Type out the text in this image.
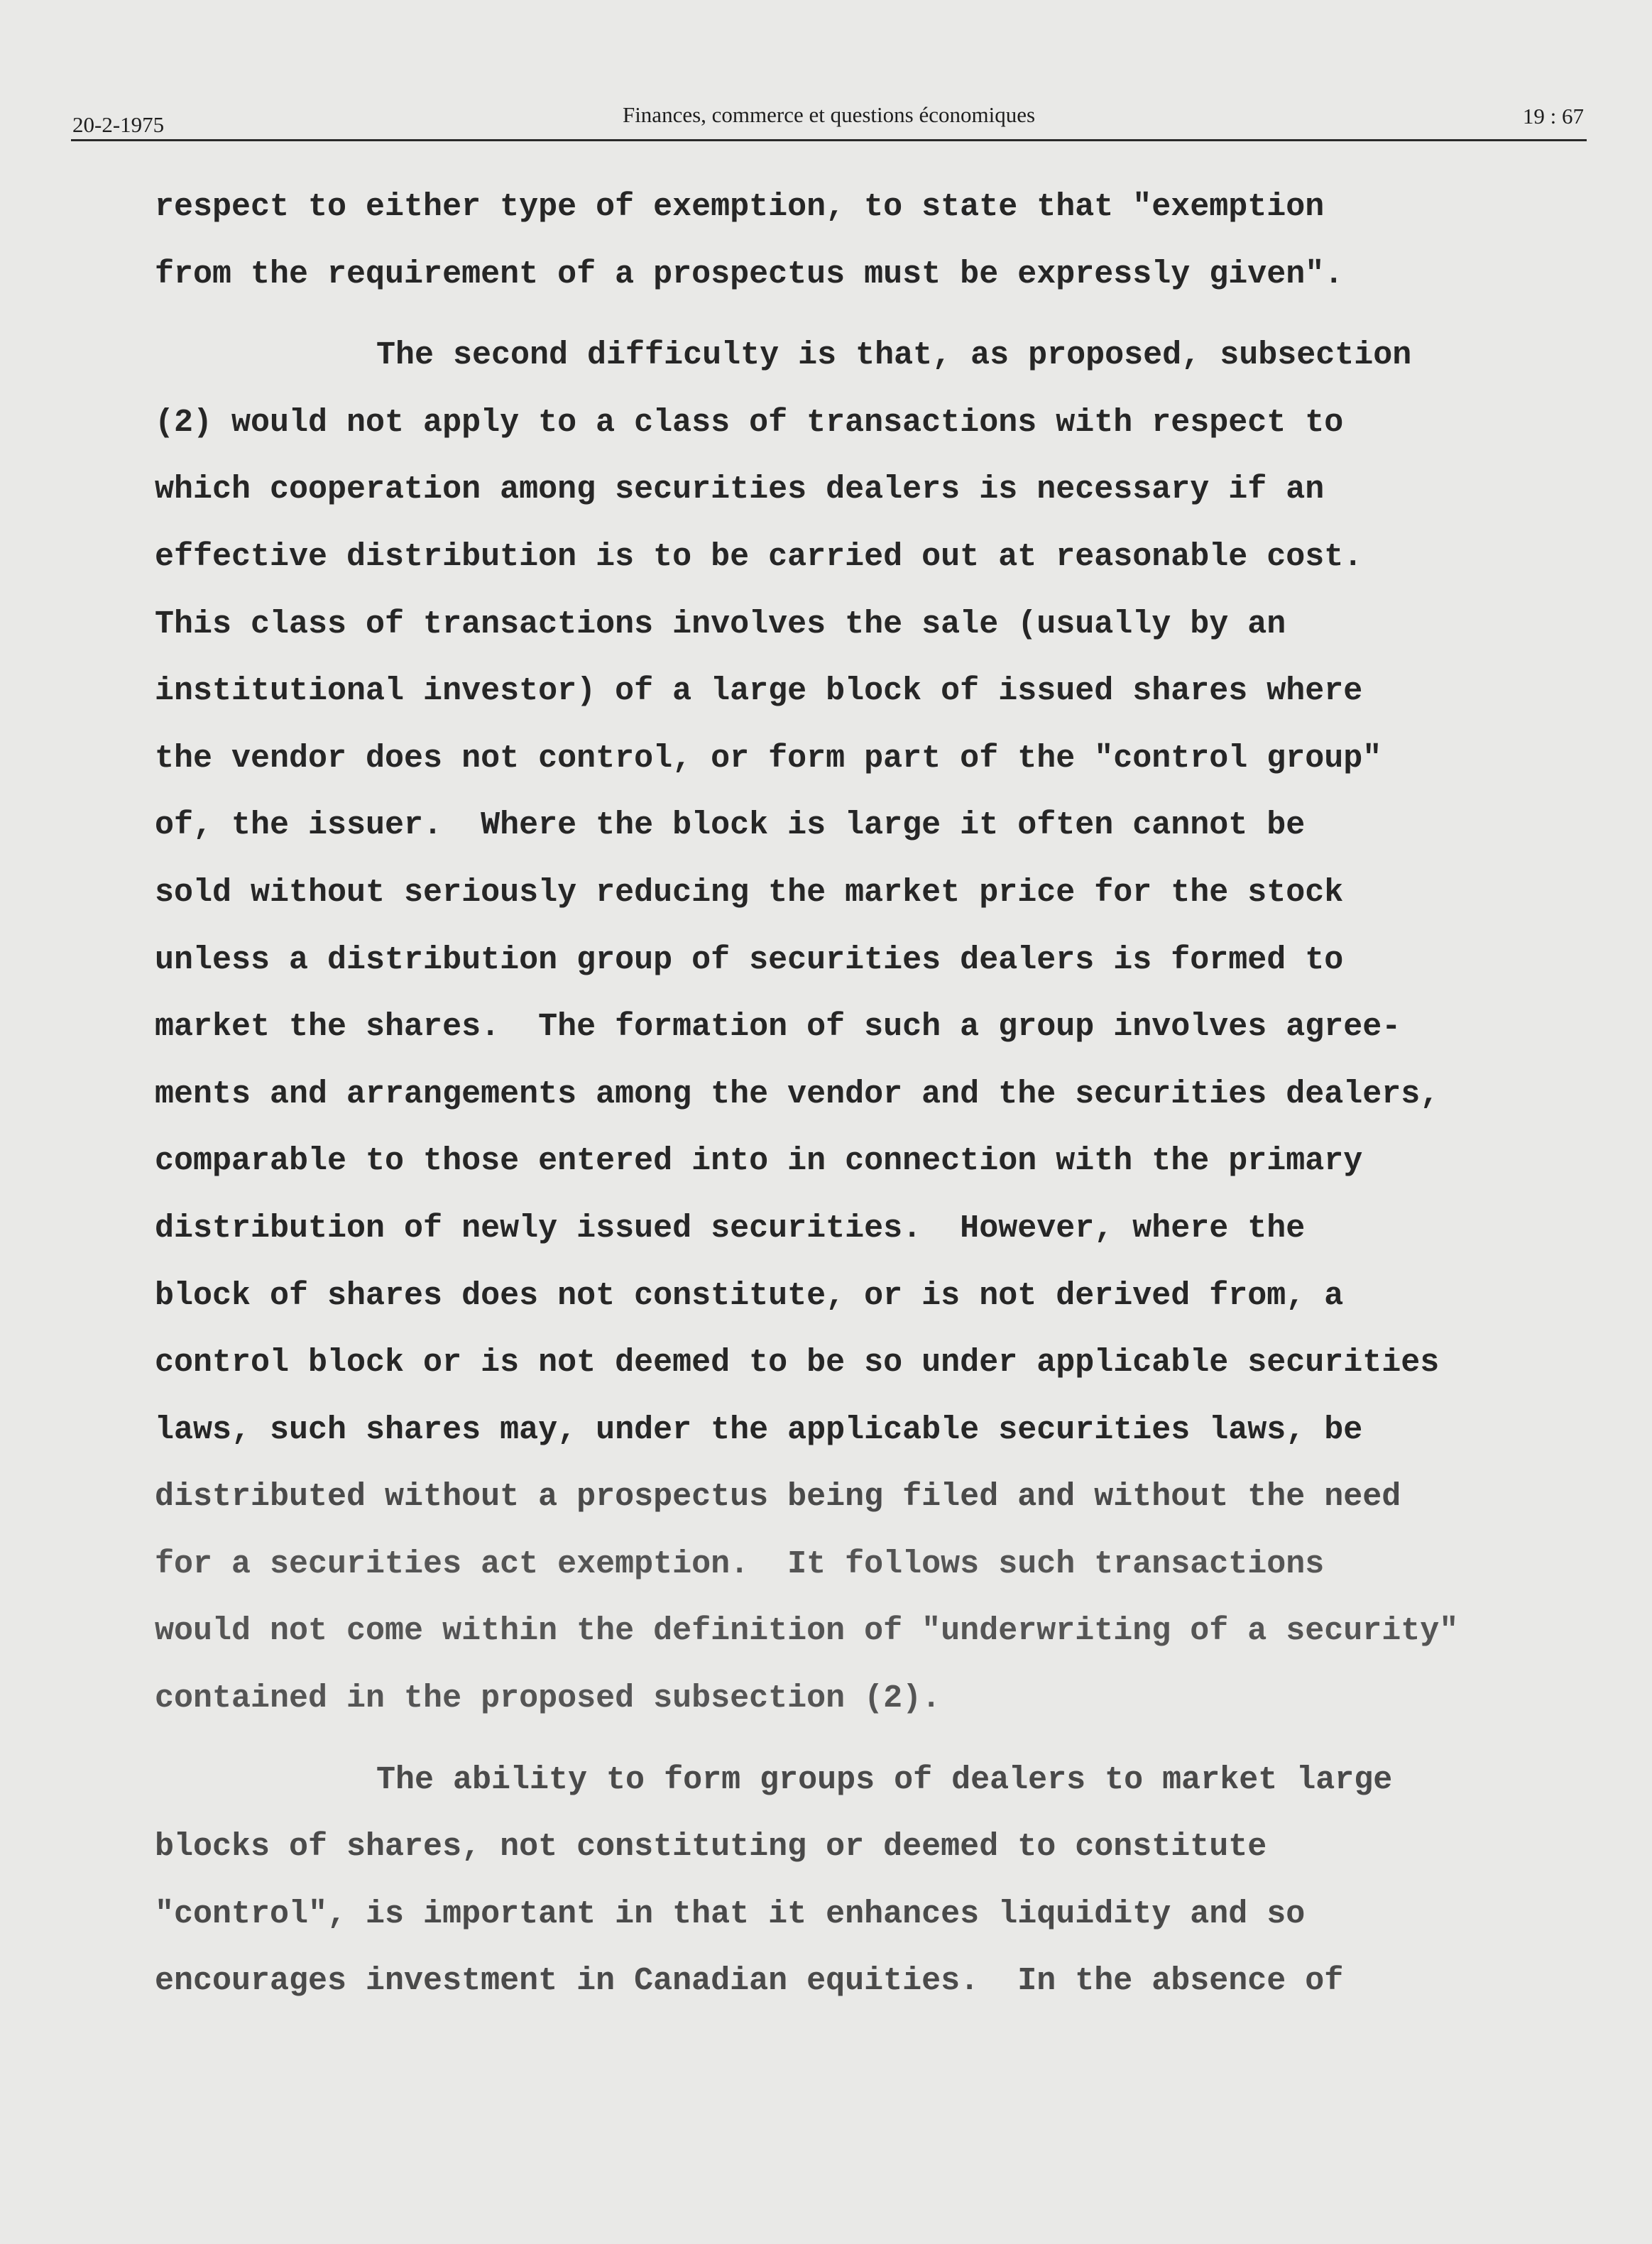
20-2-1975	Finances, commerce et questions économiques	19 : 67
respect to either type of exemption, to state that "exemption
from the requirement of a prospectus must be expressly given".
The second difficulty is that, as proposed, subsection
(2) would not apply to a class of transactions with respect to
which cooperation among securities dealers is necessary if an
effective distribution is to be carried out at reasonable cost.
This class of transactions involves the sale (usually by an
institutional investor) of a large block of issued shares where
the vendor does not control, or form part of the "control group"
of, the issuer.  Where the block is large it often cannot be
sold without seriously reducing the market price for the stock
unless a distribution group of securities dealers is formed to
market the shares.  The formation of such a group involves agree-
ments and arrangements among the vendor and the securities dealers,
comparable to those entered into in connection with the primary
distribution of newly issued securities.  However, where the
block of shares does not constitute, or is not derived from, a
control block or is not deemed to be so under applicable securities
laws, such shares may, under the applicable securities laws, be
distributed without a prospectus being filed and without the need
for a securities act exemption.  It follows such transactions
would not come within the definition of "underwriting of a security"
contained in the proposed subsection (2).
The ability to form groups of dealers to market large
blocks of shares, not constituting or deemed to constitute
"control", is important in that it enhances liquidity and so
encourages investment in Canadian equities.  In the absence of
